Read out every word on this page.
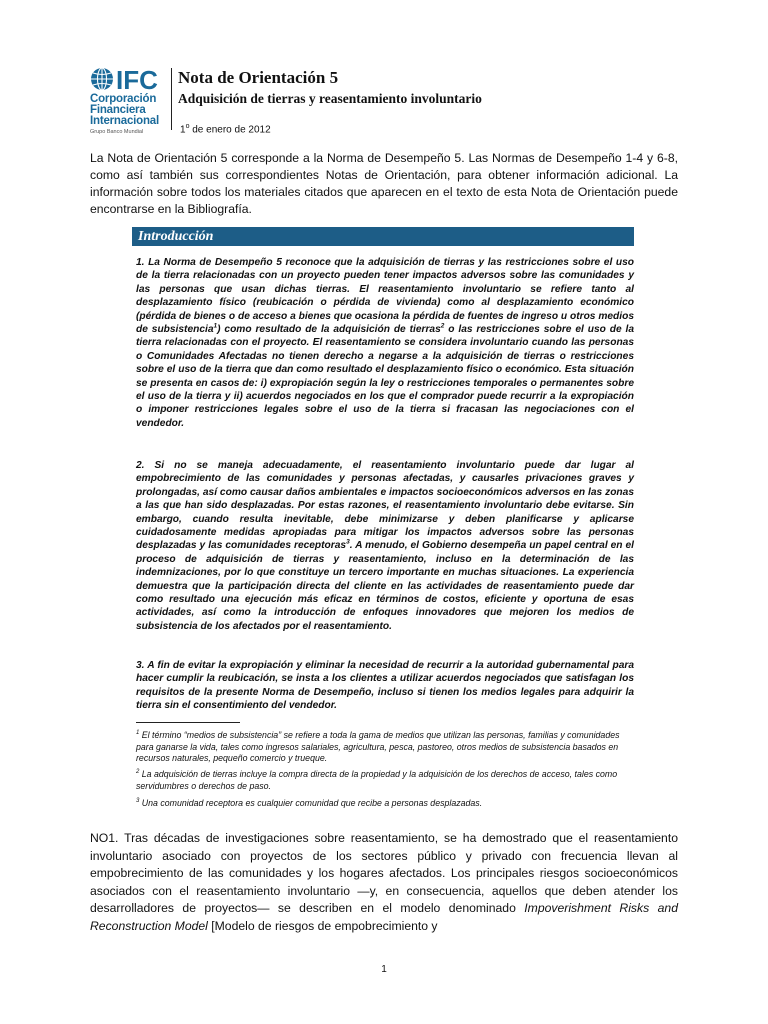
IFC
Corporación
Financiera
Internacional
Grupo Banco Mundial
Nota de Orientación 5
Adquisición de tierras y reasentamiento involuntario
1$^o$ de enero de 2012
La Nota de Orientación 5 corresponde a la Norma de Desempeño 5. Las Normas de Desempeño 1-4 y 6-8, como así también sus correspondientes Notas de Orientación, para obtener información adicional. La información sobre todos los materiales citados que aparecen en el texto de esta Nota de Orientación puede encontrarse en la Bibliografía.
Introducción
1. La Norma de Desempeño 5 reconoce que la adquisición de tierras y las restricciones sobre el uso de la tierra relacionadas con un proyecto pueden tener impactos adversos sobre las comunidades y las personas que usan dichas tierras. El reasentamiento involuntario se refiere tanto al desplazamiento físico (reubicación o pérdida de vivienda) como al desplazamiento económico (pérdida de bienes o de acceso a bienes que ocasiona la pérdida de fuentes de ingreso u otros medios de subsistencia$^1$) como resultado de la adquisición de tierras$^2$ o las restricciones sobre el uso de la tierra relacionadas con el proyecto. El reasentamiento se considera involuntario cuando las personas o Comunidades Afectadas no tienen derecho a negarse a la adquisición de tierras o restricciones sobre el uso de la tierra que dan como resultado el desplazamiento físico o económico. Esta situación se presenta en casos de: i) expropiación según la ley o restricciones temporales o permanentes sobre el uso de la tierra y ii) acuerdos negociados en los que el comprador puede recurrir a la expropiación o imponer restricciones legales sobre el uso de la tierra si fracasan las negociaciones con el vendedor.
2. Si no se maneja adecuadamente, el reasentamiento involuntario puede dar lugar al empobrecimiento de las comunidades y personas afectadas, y causarles privaciones graves y prolongadas, así como causar daños ambientales e impactos socioeconómicos adversos en las zonas a las que han sido desplazadas. Por estas razones, el reasentamiento involuntario debe evitarse. Sin embargo, cuando resulta inevitable, debe minimizarse y deben planificarse y aplicarse cuidadosamente medidas apropiadas para mitigar los impactos adversos sobre las personas desplazadas y las comunidades receptoras$^3$. A menudo, el Gobierno desempeña un papel central en el proceso de adquisición de tierras y reasentamiento, incluso en la determinación de las indemnizaciones, por lo que constituye un tercero importante en muchas situaciones. La experiencia demuestra que la participación directa del cliente en las actividades de reasentamiento puede dar como resultado una ejecución más eficaz en términos de costos, eficiente y oportuna de esas actividades, así como la introducción de enfoques innovadores que mejoren los medios de subsistencia de los afectados por el reasentamiento.
3. A fin de evitar la expropiación y eliminar la necesidad de recurrir a la autoridad gubernamental para hacer cumplir la reubicación, se insta a los clientes a utilizar acuerdos negociados que satisfagan los requisitos de la presente Norma de Desempeño, incluso si tienen los medios legales para adquirir la tierra sin el consentimiento del vendedor.
$^1$ El término “medios de subsistencia” se refiere a toda la gama de medios que utilizan las personas, familias y comunidades para ganarse la vida, tales como ingresos salariales, agricultura, pesca, pastoreo, otros medios de subsistencia basados en recursos naturales, pequeño comercio y trueque.
$^2$ La adquisición de tierras incluye la compra directa de la propiedad y la adquisición de los derechos de acceso, tales como servidumbres o derechos de paso.
$^3$ Una comunidad receptora es cualquier comunidad que recibe a personas desplazadas.
NO1. Tras décadas de investigaciones sobre reasentamiento, se ha demostrado que el reasentamiento involuntario asociado con proyectos de los sectores público y privado con frecuencia llevan al empobrecimiento de las comunidades y los hogares afectados. Los principales riesgos socioeconómicos asociados con el reasentamiento involuntario —y, en consecuencia, aquellos que deben atender los desarrolladores de proyectos— se describen en el modelo denominado Impoverishment Risks and Reconstruction Model [Modelo de riesgos de empobrecimiento y
1
